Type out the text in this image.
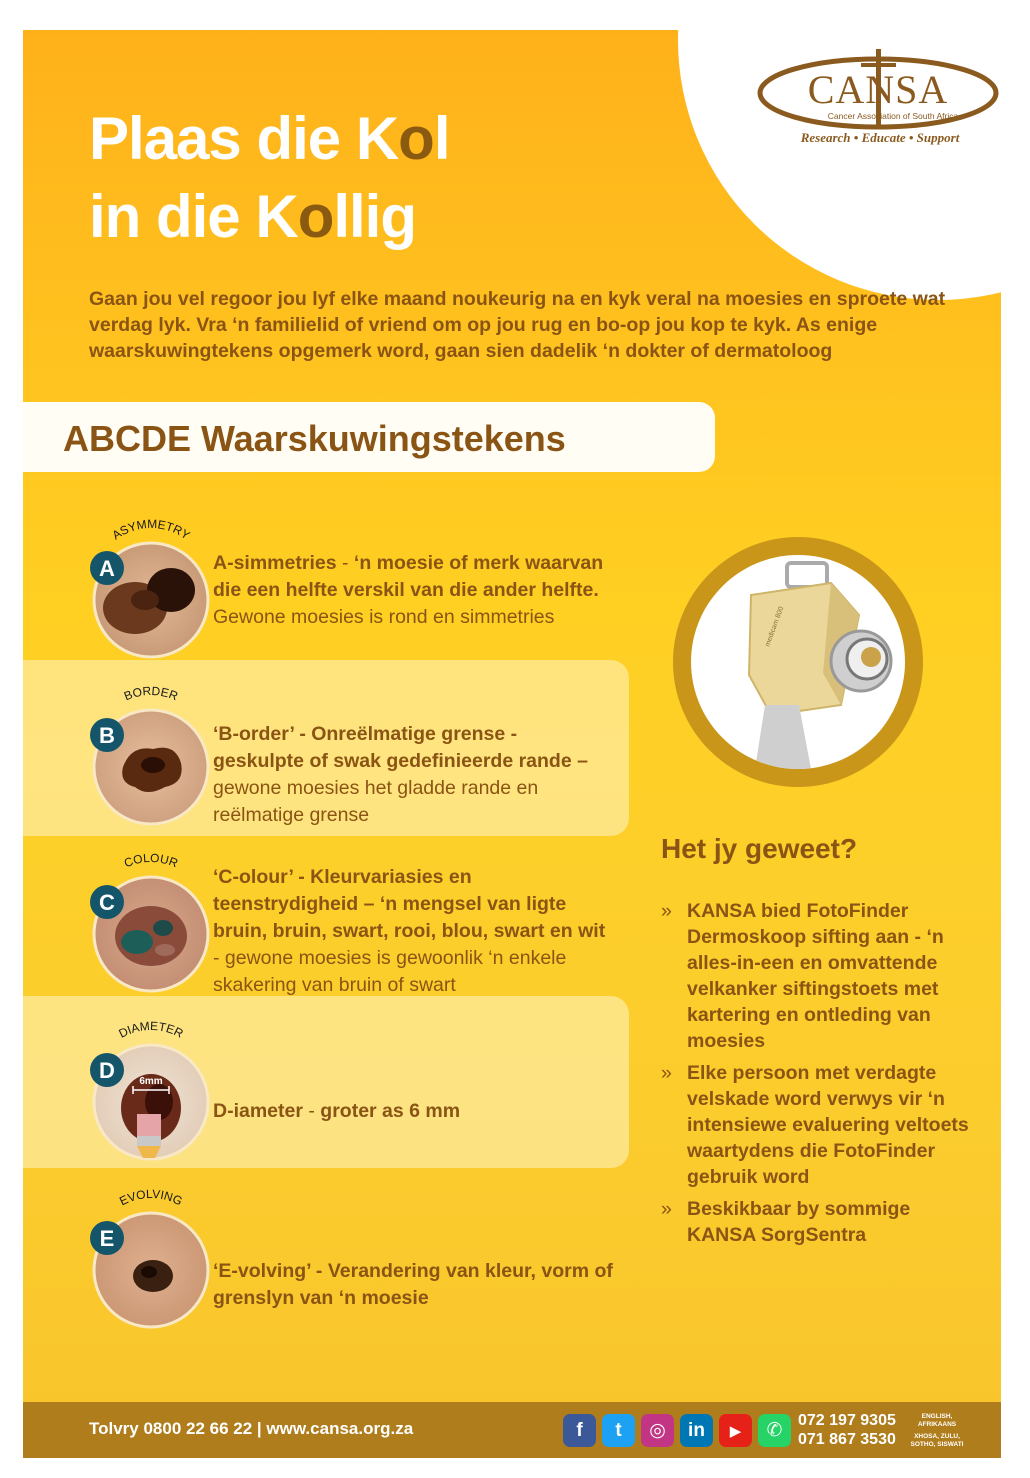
CANSA
Cancer Association of South Africa
Research • Educate • Support
Plaas die Kol
in die Kollig
Gaan jou vel regoor jou lyf elke maand noukeurig na en kyk veral na moesies en sproete wat verdag lyk. Vra ‘n familielid of vriend om op jou rug en bo-op jou kop te kyk. As enige waarskuwingtekens opgemerk word, gaan sien dadelik ‘n dokter of dermatoloog
ABCDE Waarskuwingstekens
ASYMMETRY
A	A-simmetries - ‘n moesie of merk waarvan die een helfte verskil van die ander helfte. Gewone moesies is rond en simmetries
BORDER
B	‘B-order’ - Onreëlmatige grense - geskulpte of swak gedefinieerde rande – gewone moesies het gladde rande en reëlmatige grense
COLOUR
C
‘C-olour’ - Kleurvariasies en teenstrydigheid – ‘n mengsel van ligte bruin, bruin, swart, rooi, blou, swart en wit - gewone moesies is gewoonlik ‘n enkele skakering van bruin of swart
6mm
DIAMETER
D
D-iameter - groter as 6 mm
EVOLVING
E
‘E-volving’ - Verandering van kleur, vorm of grenslyn van ‘n moesie
medicam 800
Het jy geweet?
» KANSA bied FotoFinder Dermoskoop sifting aan - ‘n alles-in-een en omvattende velkanker siftingstoets met kartering en ontleding van moesies
» Elke persoon met verdagte velskade word verwys vir ‘n intensiewe evaluering veltoets waartydens die FotoFinder gebruik word
» Beskikbaar by sommige KANSA SorgSentra
Tolvry 0800 22 66 22 | www.cansa.org.za	f t ◎ in ▶ ✆ 072 197 9305
071 867 3530
ENGLISH, AFRIKAANS
XHOSA, ZULU, SOTHO, SISWATI
